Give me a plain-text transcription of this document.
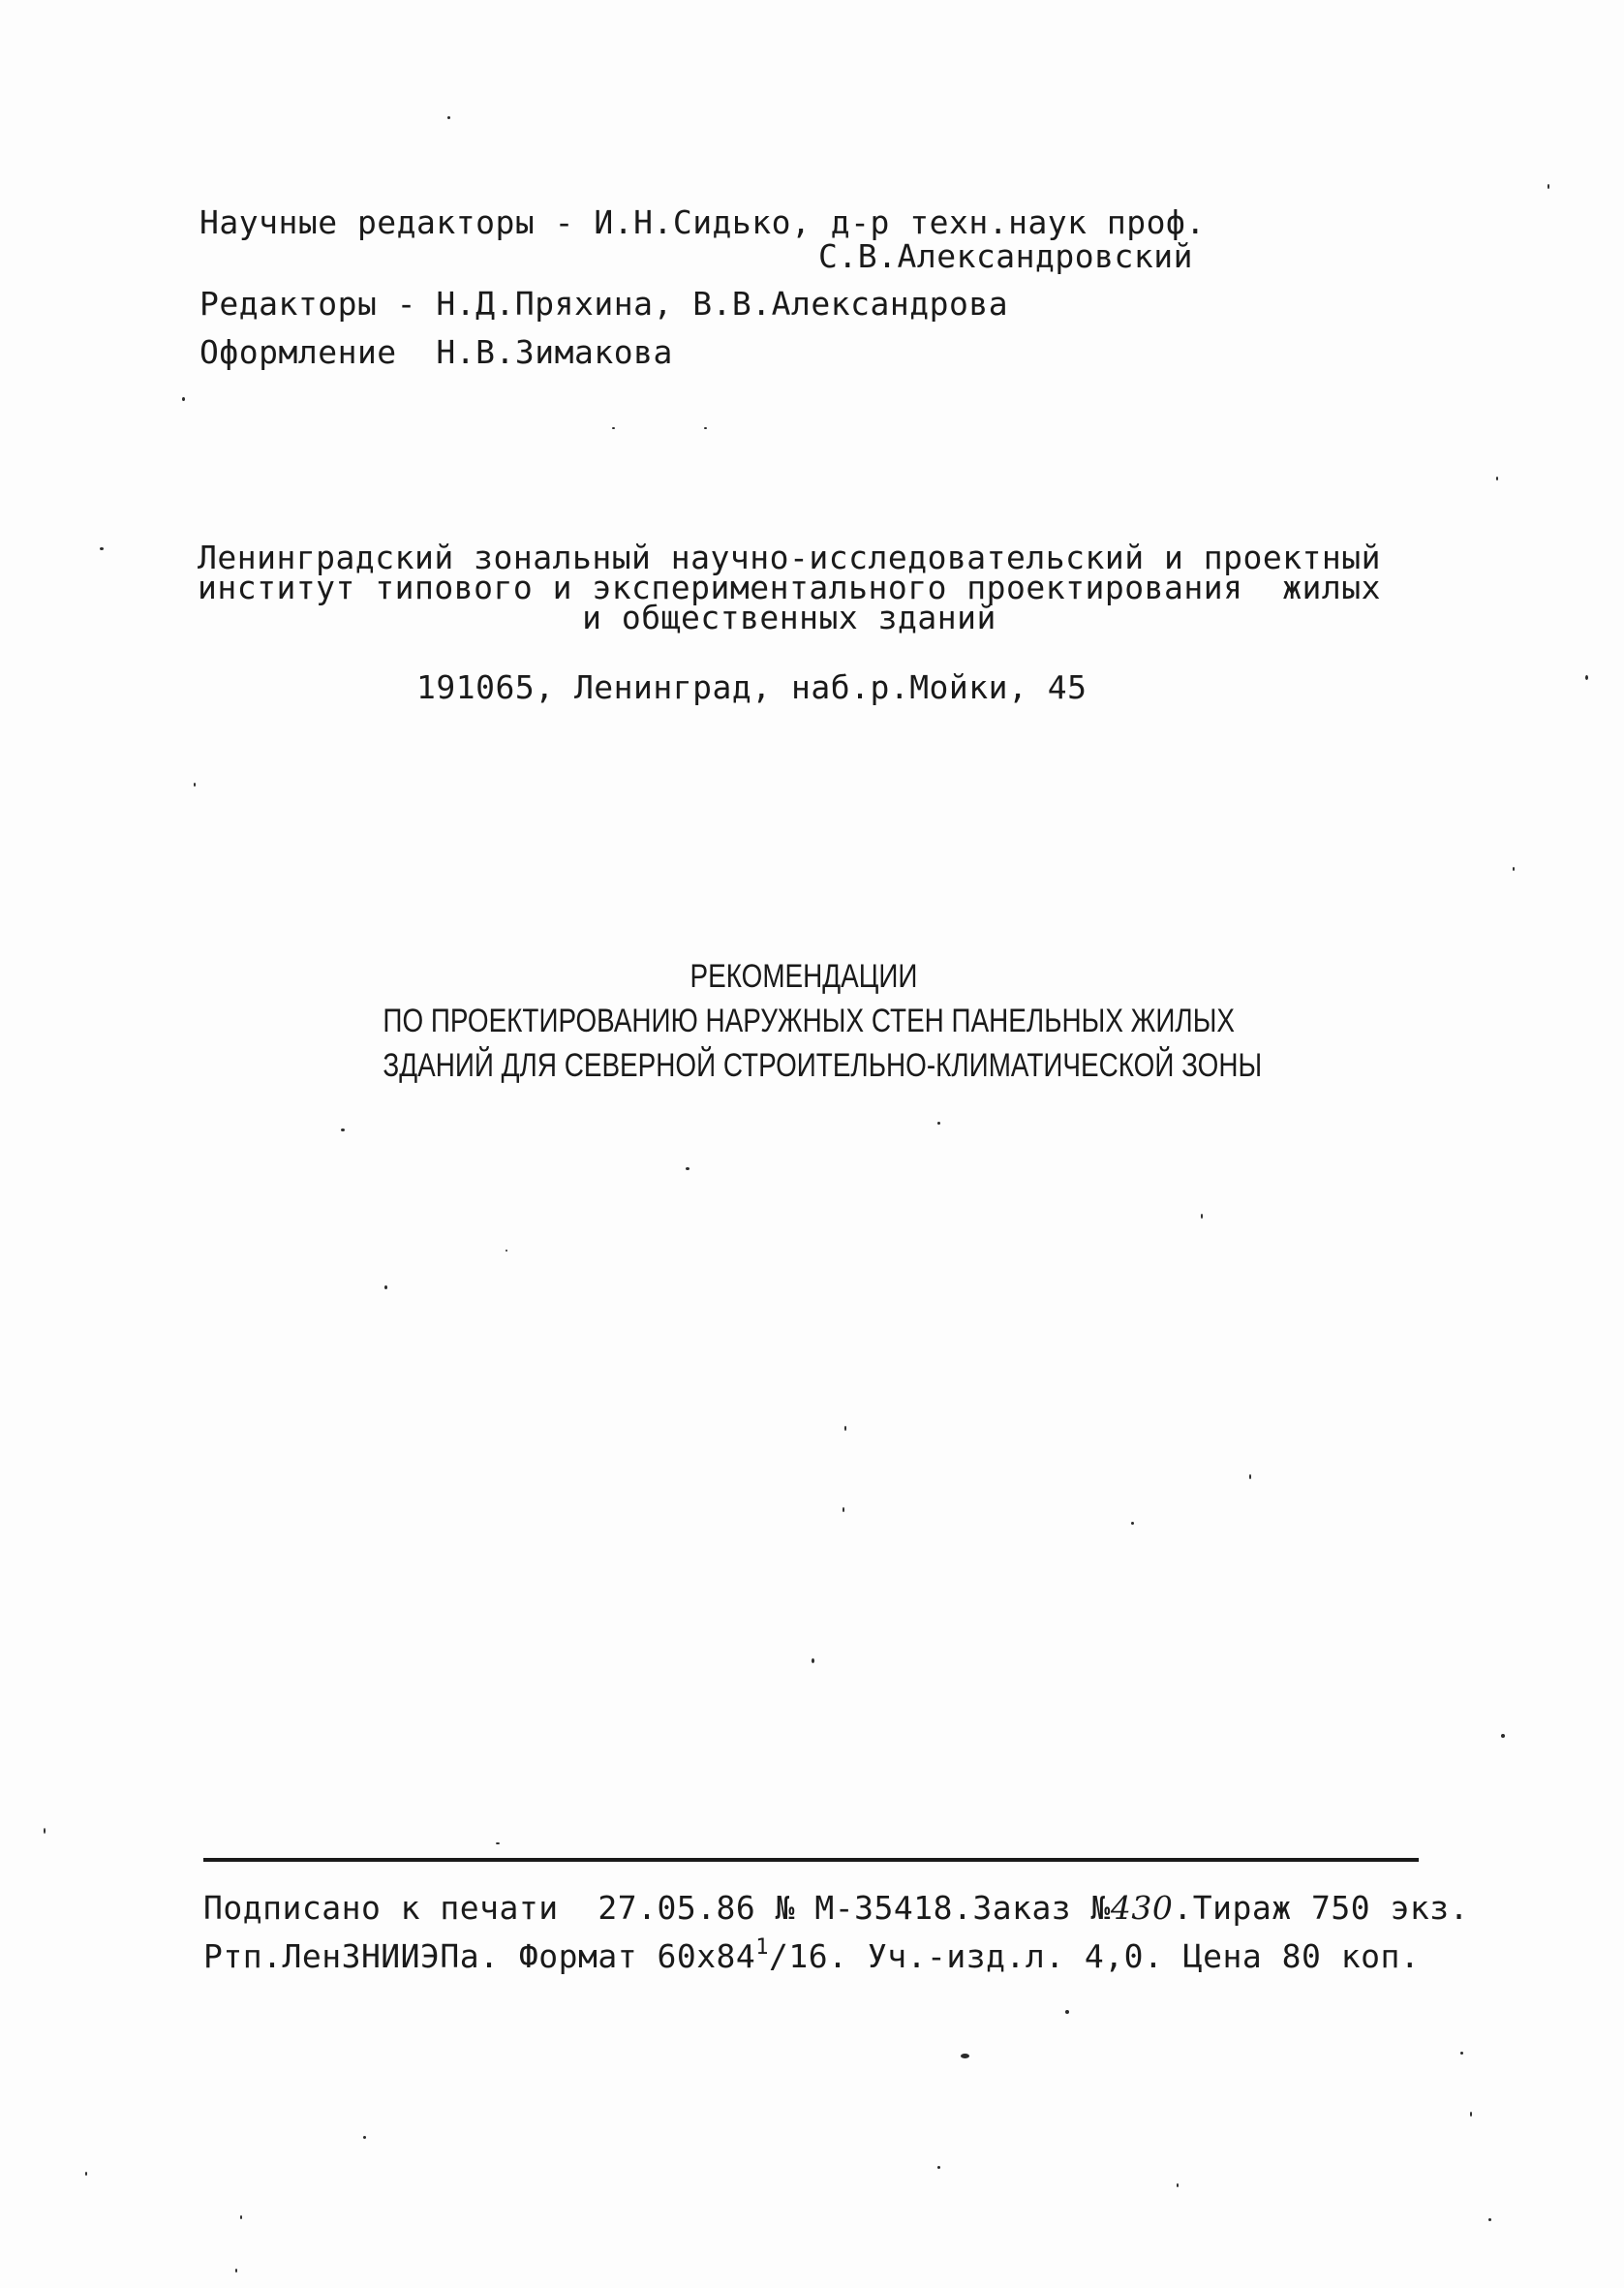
Научные редакторы - И.Н.Сидько, д-р техн.наук проф.
С.В.Александровский
Редакторы - Н.Д.Пряхина, В.В.Александрова
Оформление  Н.В.Зимакова
Ленинградский зональный научно-исследовательский и проектный
институт типового и экспериментального проектирования  жилых
и общественных зданий
191065, Ленинград, наб.р.Мойки, 45
РЕКОМЕНДАЦИИ
ПО ПРОЕКТИРОВАНИЮ НАРУЖНЫХ СТЕН ПАНЕЛЬНЫХ ЖИЛЫХ
ЗДАНИЙ ДЛЯ СЕВЕРНОЙ СТРОИТЕЛЬНО-КЛИМАТИЧЕСКОЙ ЗОНЫ
Подписано к печати  27.05.86 № М-35418.Заказ №430.Тираж 750 экз.
Ртп.ЛенЗНИИЭПа. Формат $60х84^1/16$. Уч.-изд.л. 4,0. Цена 80 коп.
